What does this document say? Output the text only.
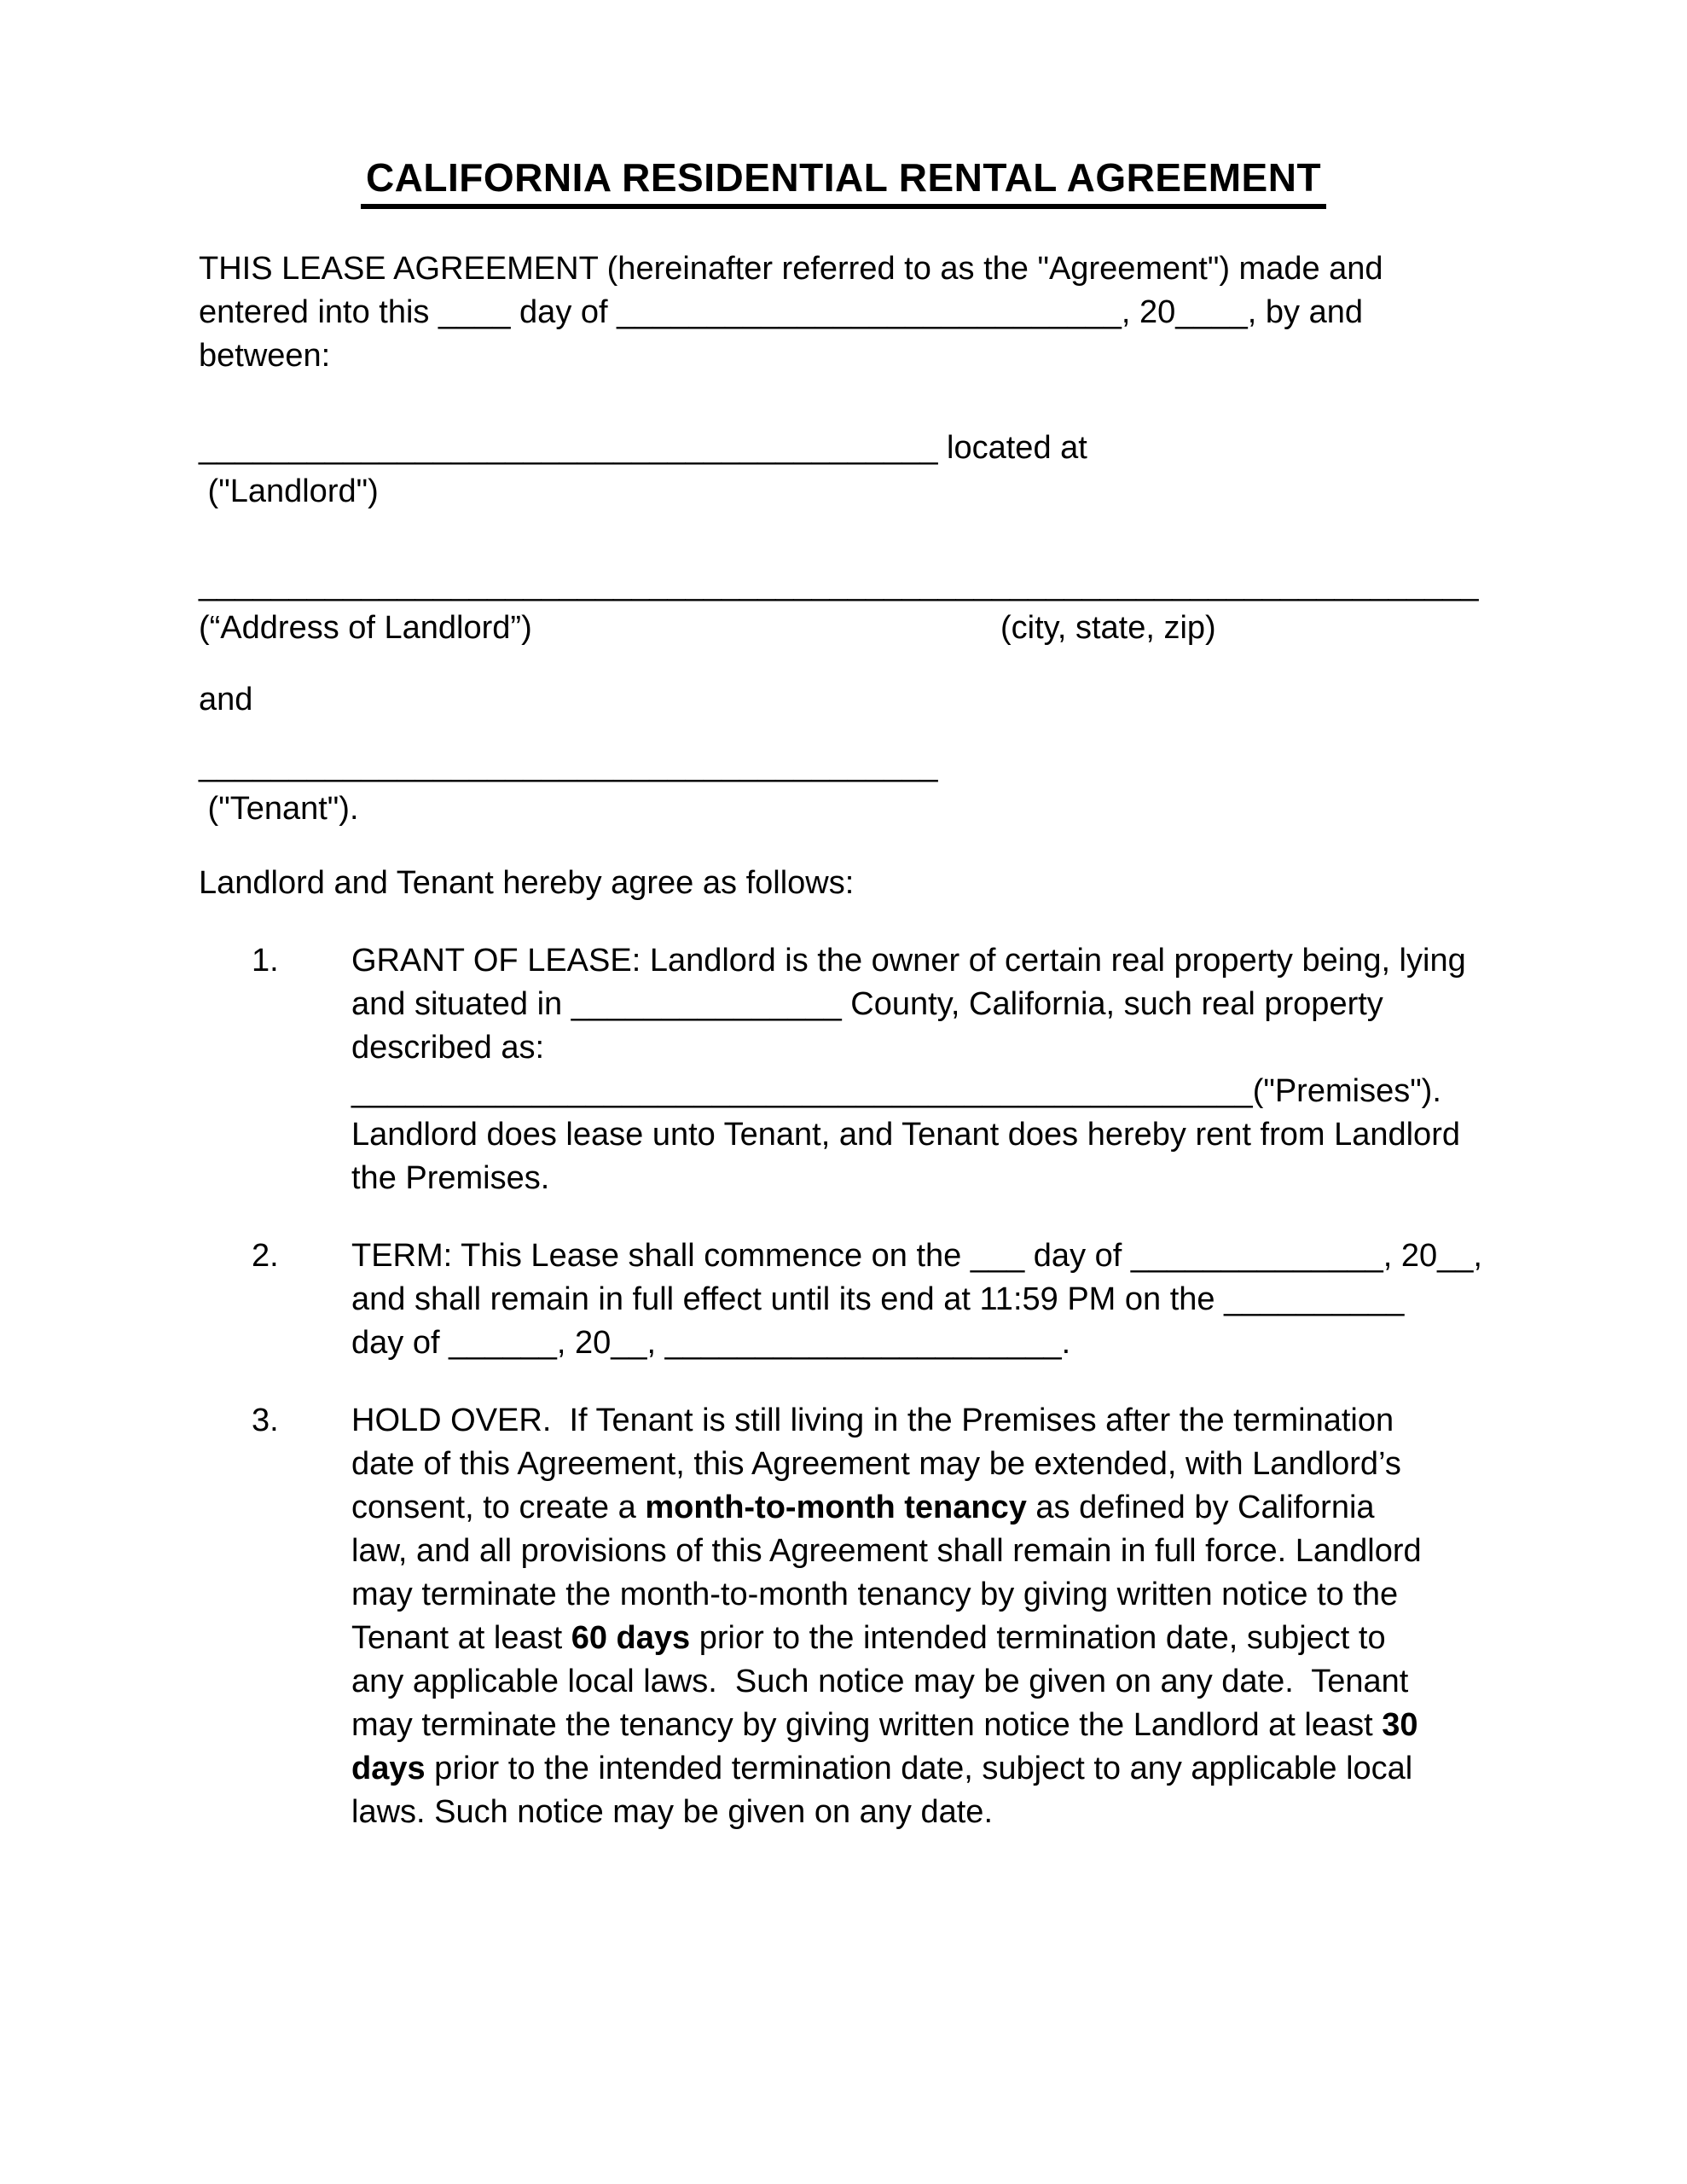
CALIFORNIA RESIDENTIAL RENTAL AGREEMENT
THIS LEASE AGREEMENT (hereinafter referred to as the "Agreement") made and
entered into this ____ day of ____________________________, 20____, by and
between:
_________________________________________ located at
("Landlord")
_______________________________________________________________________
(“Address of Landlord”)	(city, state, zip)
and
_________________________________________
("Tenant").
Landlord and Tenant hereby agree as follows:
1.	GRANT OF LEASE: Landlord is the owner of certain real property being, lying
and situated in _______________ County, California, such real property
described as:
__________________________________________________("Premises").
Landlord does lease unto Tenant, and Tenant does hereby rent from Landlord
the Premises.
2.	TERM: This Lease shall commence on the ___ day of ______________, 20__,
and shall remain in full effect until its end at 11:59 PM on the __________
day of ______, 20__, ______________________.
3.	HOLD OVER.  If Tenant is still living in the Premises after the termination
date of this Agreement, this Agreement may be extended, with Landlord’s
consent, to create a month-to-month tenancy as defined by California
law, and all provisions of this Agreement shall remain in full force. Landlord
may terminate the month-to-month tenancy by giving written notice to the
Tenant at least 60 days prior to the intended termination date, subject to
any applicable local laws.  Such notice may be given on any date.  Tenant
may terminate the tenancy by giving written notice the Landlord at least 30
days prior to the intended termination date, subject to any applicable local
laws. Such notice may be given on any date.
